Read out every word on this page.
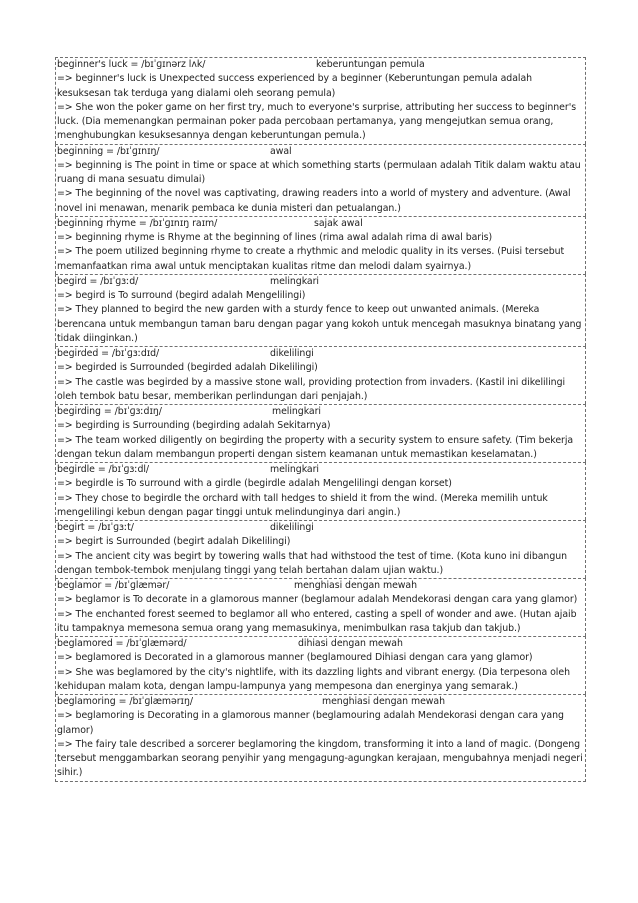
beginner's luck = /bɪˈɡɪnərz lʌk/	keberuntungan pemula
=> beginner's luck is Unexpected success experienced by a beginner (Keberuntungan pemula adalah kesuksesan tak terduga yang dialami oleh seorang pemula)
=> She won the poker game on her first try, much to everyone's surprise, attributing her success to beginner's luck. (Dia memenangkan permainan poker pada percobaan pertamanya, yang mengejutkan semua orang, menghubungkan kesuksesannya dengan keberuntungan pemula.)
beginning = /bɪˈɡɪnɪŋ/	awal
=> beginning is The point in time or space at which something starts (permulaan adalah Titik dalam waktu atau ruang di mana sesuatu dimulai)
=> The beginning of the novel was captivating, drawing readers into a world of mystery and adventure. (Awal novel ini menawan, menarik pembaca ke dunia misteri dan petualangan.)
beginning rhyme = /bɪˈɡɪnɪŋ raɪm/	sajak awal
=> beginning rhyme is Rhyme at the beginning of lines (rima awal adalah rima di awal baris)
=> The poem utilized beginning rhyme to create a rhythmic and melodic quality in its verses. (Puisi tersebut memanfaatkan rima awal untuk menciptakan kualitas ritme dan melodi dalam syairnya.)
begird = /bɪˈɡɜːd/	melingkari
=> begird is To surround (begird adalah Mengelilingi)
=> They planned to begird the new garden with a sturdy fence to keep out unwanted animals. (Mereka berencana untuk membangun taman baru dengan pagar yang kokoh untuk mencegah masuknya binatang yang tidak diinginkan.)
begirded = /bɪˈɡɜːdɪd/	dikelilingi
=> begirded is Surrounded (begirded adalah Dikelilingi)
=> The castle was begirded by a massive stone wall, providing protection from invaders. (Kastil ini dikelilingi oleh tembok batu besar, memberikan perlindungan dari penjajah.)
begirding = /bɪˈɡɜːdɪŋ/	melingkari
=> begirding is Surrounding (begirding adalah Sekitarnya)
=> The team worked diligently on begirding the property with a security system to ensure safety. (Tim bekerja dengan tekun dalam membangun properti dengan sistem keamanan untuk memastikan keselamatan.)
begirdle = /bɪˈɡɜːdl/	melingkari
=> begirdle is To surround with a girdle (begirdle adalah Mengelilingi dengan korset)
=> They chose to begirdle the orchard with tall hedges to shield it from the wind. (Mereka memilih untuk mengelilingi kebun dengan pagar tinggi untuk melindunginya dari angin.)
begirt = /bɪˈɡɜːt/	dikelilingi
=> begirt is Surrounded (begirt adalah Dikelilingi)
=> The ancient city was begirt by towering walls that had withstood the test of time. (Kota kuno ini dibangun dengan tembok-tembok menjulang tinggi yang telah bertahan dalam ujian waktu.)
beglamor = /bɪˈɡlæmər/	menghiasi dengan mewah
=> beglamor is To decorate in a glamorous manner (beglamour adalah Mendekorasi dengan cara yang glamor)
=> The enchanted forest seemed to beglamor all who entered, casting a spell of wonder and awe. (Hutan ajaib itu tampaknya memesona semua orang yang memasukinya, menimbulkan rasa takjub dan takjub.)
beglamored = /bɪˈɡlæmərd/	dihiasi dengan mewah
=> beglamored is Decorated in a glamorous manner (beglamoured Dihiasi dengan cara yang glamor)
=> She was beglamored by the city's nightlife, with its dazzling lights and vibrant energy. (Dia terpesona oleh kehidupan malam kota, dengan lampu-lampunya yang mempesona dan energinya yang semarak.)
beglamoring = /bɪˈɡlæmərɪŋ/	menghiasi dengan mewah
=> beglamoring is Decorating in a glamorous manner (beglamouring adalah Mendekorasi dengan cara yang glamor)
=> The fairy tale described a sorcerer beglamoring the kingdom, transforming it into a land of magic. (Dongeng tersebut menggambarkan seorang penyihir yang mengagung-agungkan kerajaan, mengubahnya menjadi negeri sihir.)
